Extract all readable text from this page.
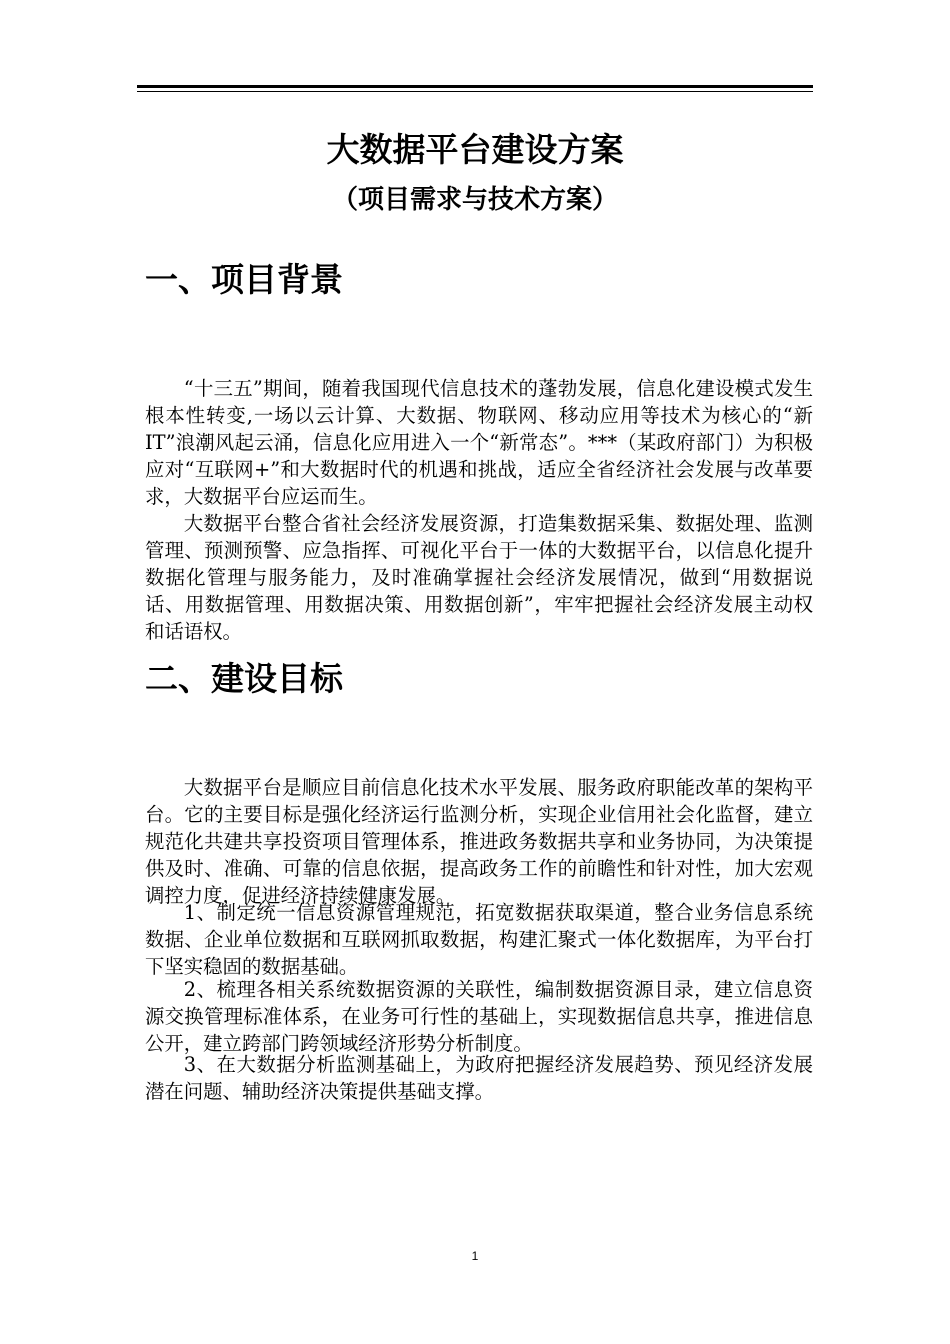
大数据平台建设方案
（项目需求与技术方案）
一、项目背景

“十三五”期间，随着我国现代信息技术的蓬勃发展，信息化建设模式发生根本性转变,一场以云计算、大数据、物联网、移动应用等技术为核心的“新 IT”浪潮风起云涌，信息化应用进入一个“新常态”。***（某政府部门）为积极应对“互联网+”和大数据时代的机遇和挑战，适应全省经济社会发展与改革要求，大数据平台应运而生。

大数据平台整合省社会经济发展资源，打造集数据采集、数据处理、监测管理、预测预警、应急指挥、可视化平台于一体的大数据平台，以信息化提升数据化管理与服务能力，及时准确掌握社会经济发展情况，做到“用数据说话、用数据管理、用数据决策、用数据创新”，牢牢把握社会经济发展主动权和话语权。

二、建设目标

大数据平台是顺应目前信息化技术水平发展、服务政府职能改革的架构平台。它的主要目标是强化经济运行监测分析，实现企业信用社会化监督，建立规范化共建共享投资项目管理体系，推进政务数据共享和业务协同，为决策提供及时、准确、可靠的信息依据，提高政务工作的前瞻性和针对性，加大宏观调控力度，促进经济持续健康发展。

1、制定统一信息资源管理规范，拓宽数据获取渠道，整合业务信息系统数据、企业单位数据和互联网抓取数据，构建汇聚式一体化数据库，为平台打下坚实稳固的数据基础。

2、梳理各相关系统数据资源的关联性，编制数据资源目录，建立信息资源交换管理标准体系，在业务可行性的基础上，实现数据信息共享，推进信息公开，建立跨部门跨领域经济形势分析制度。

3、在大数据分析监测基础上，为政府把握经济发展趋势、预见经济发展潜在问题、辅助经济决策提供基础支撑。

1
